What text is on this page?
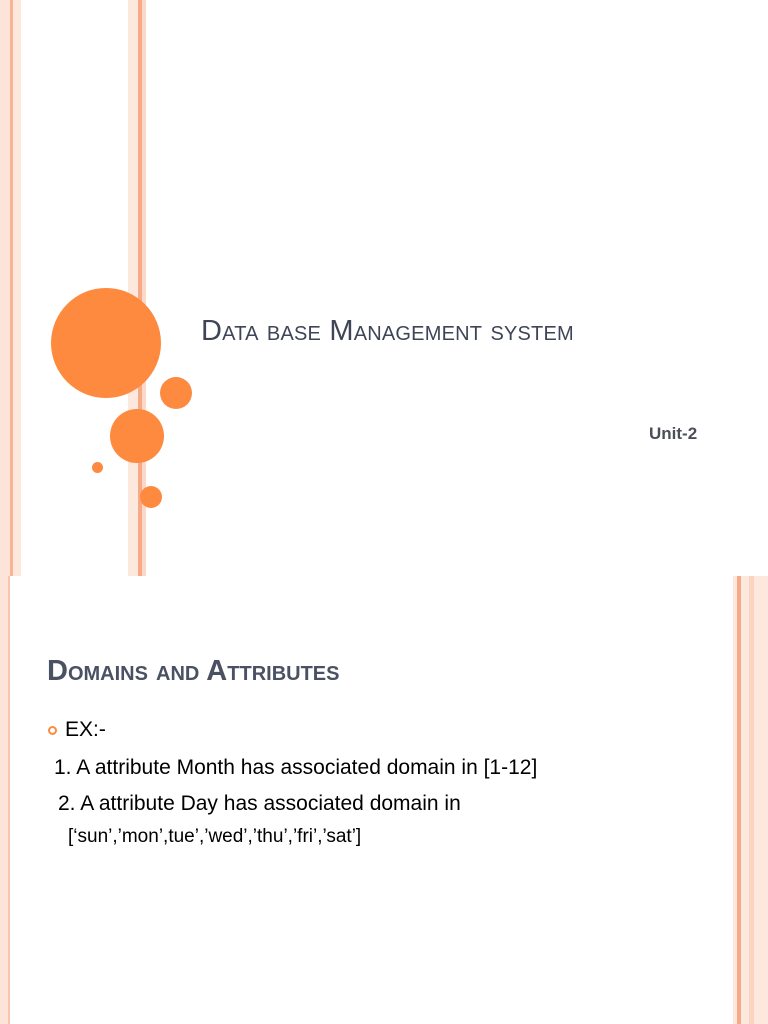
Data base Management system
Unit-2
Domains and Attributes
EX:-
1. A attribute Month has associated domain in [1-12]
2. A attribute Day has associated domain in
[‘sun’,’mon’,tue’,’wed’,’thu’,’fri’,’sat’]
